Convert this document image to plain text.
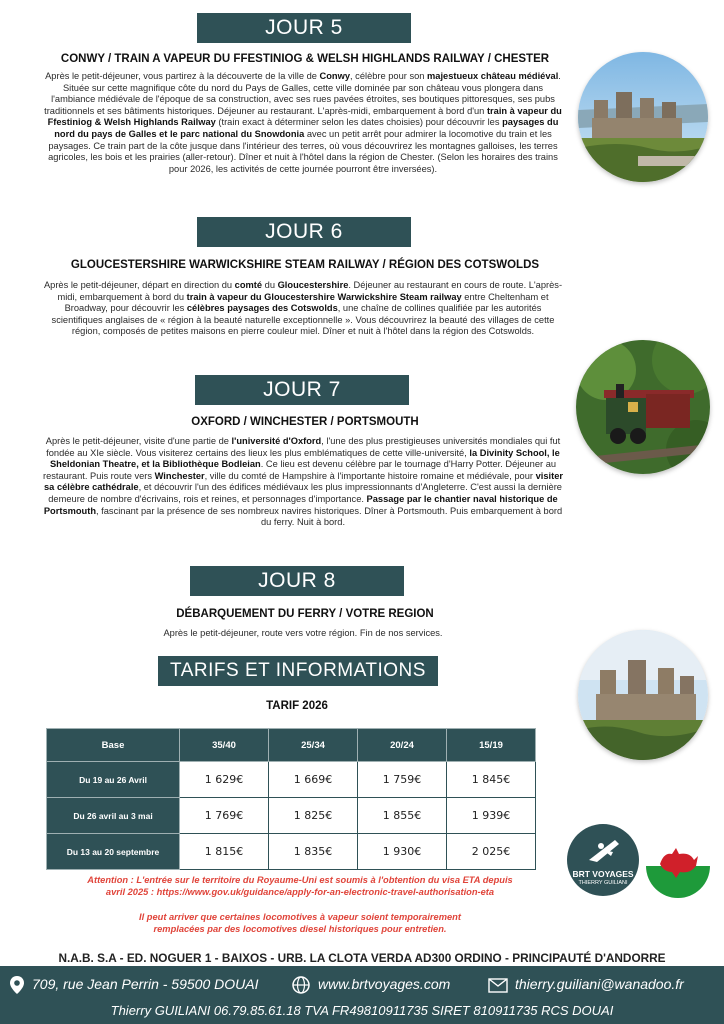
JOUR 5
CONWY / TRAIN A VAPEUR DU FFESTINIOG & WELSH HIGHLANDS RAILWAY / CHESTER
Après le petit-déjeuner, vous partirez à la découverte de la ville de Conwy, célèbre pour son majestueux château médiéval. Située sur cette magnifique côte du nord du Pays de Galles, cette ville dominée par son château vous plongera dans l'ambiance médiévale de l'époque de sa construction, avec ses rues pavées étroites, ses boutiques pittoresques, ses pubs traditionnels et ses bâtiments historiques. Déjeuner au restaurant. L'après-midi, embarquement à bord d'un train à vapeur du Ffestiniog & Welsh Highlands Railway (train exact à déterminer selon les dates choisies) pour découvrir les paysages du nord du pays de Galles et le parc national du Snowdonia avec un petit arrêt pour admirer la locomotive du train et les paysages. Ce train part de la côte jusque dans l'intérieur des terres, où vous découvrirez les montagnes galloises, les terres agricoles, les bois et les prairies (aller-retour). Dîner et nuit à l'hôtel dans la région de Chester. (Selon les horaires des trains pour 2026, les activités de cette journée pourront être inversées).
JOUR 6
GLOUCESTERSHIRE WARWICKSHIRE STEAM RAILWAY / RÉGION DES COTSWOLDS
Après le petit-déjeuner, départ en direction du comté du Gloucestershire. Déjeuner au restaurant en cours de route. L'après-midi, embarquement à bord du train à vapeur du Gloucestershire Warwickshire Steam railway entre Cheltenham et Broadway, pour découvrir les célèbres paysages des Cotswolds, une chaîne de collines qualifiée par les autorités scientifiques anglaises de « région à la beauté naturelle exceptionnelle ». Vous découvrirez la beauté des villages de cette région, composés de petites maisons en pierre couleur miel. Dîner et nuit à l'hôtel dans la région des Cotswolds.
JOUR 7
OXFORD / WINCHESTER / PORTSMOUTH
Après le petit-déjeuner, visite d'une partie de l'université d'Oxford, l'une des plus prestigieuses universités mondiales qui fut fondée au XIe siècle. Vous visiterez certains des lieux les plus emblématiques de cette ville-université, la Divinity School, le Sheldonian Theatre, et la Bibliothèque Bodleian. Ce lieu est devenu célèbre par le tournage d'Harry Potter. Déjeuner au restaurant. Puis route vers Winchester, ville du comté de Hampshire à l'importante histoire romaine et médiévale, pour visiter sa célèbre cathédrale, et découvrir l'un des édifices médiévaux les plus impressionnants d'Angleterre. C'est aussi la dernière demeure de nombre d'écrivains, rois et reines, et personnages d'importance. Passage par le chantier naval historique de Portsmouth, fascinant par la présence de ses nombreux navires historiques. Dîner à Portsmouth. Puis embarquement à bord du ferry. Nuit à bord.
JOUR 8
DÉBARQUEMENT DU FERRY / VOTRE REGION
Après le petit-déjeuner, route vers votre région. Fin de nos services.
TARIFS ET INFORMATIONS
TARIF 2026
Base	35/40	25/34	20/24	15/19
Du 19 au 26 Avril	1 629€	1 669€	1 759€	1 845€
Du 26 avril au 3 mai	1 769€	1 825€	1 855€	1 939€
Du 13 au 20 septembre	1 815€	1 835€	1 930€	2 025€
Attention : L'entrée sur le territoire du Royaume-Uni est soumis à l'obtention du visa ETA depuis
avril 2025 : https://www.gov.uk/guidance/apply-for-an-electronic-travel-authorisation-eta
Il peut arriver que certaines locomotives à vapeur soient temporairement
remplacées par des locomotives diesel historiques pour entretien.
N.A.B. S.A - ED. NOGUER 1 - BAIXOS - URB. LA CLOTA VERDA AD300 ORDINO - PRINCIPAUTÉ D'ANDORRE
BRT VOYAGES
THIERRY GUILIANI
709, rue Jean Perrin - 59500 DOUAI	www.brtvoyages.com	thierry.guiliani@wanadoo.fr
Thierry GUILIANI 06.79.85.61.18 TVA FR49810911735 SIRET 810911735 RCS DOUAI
